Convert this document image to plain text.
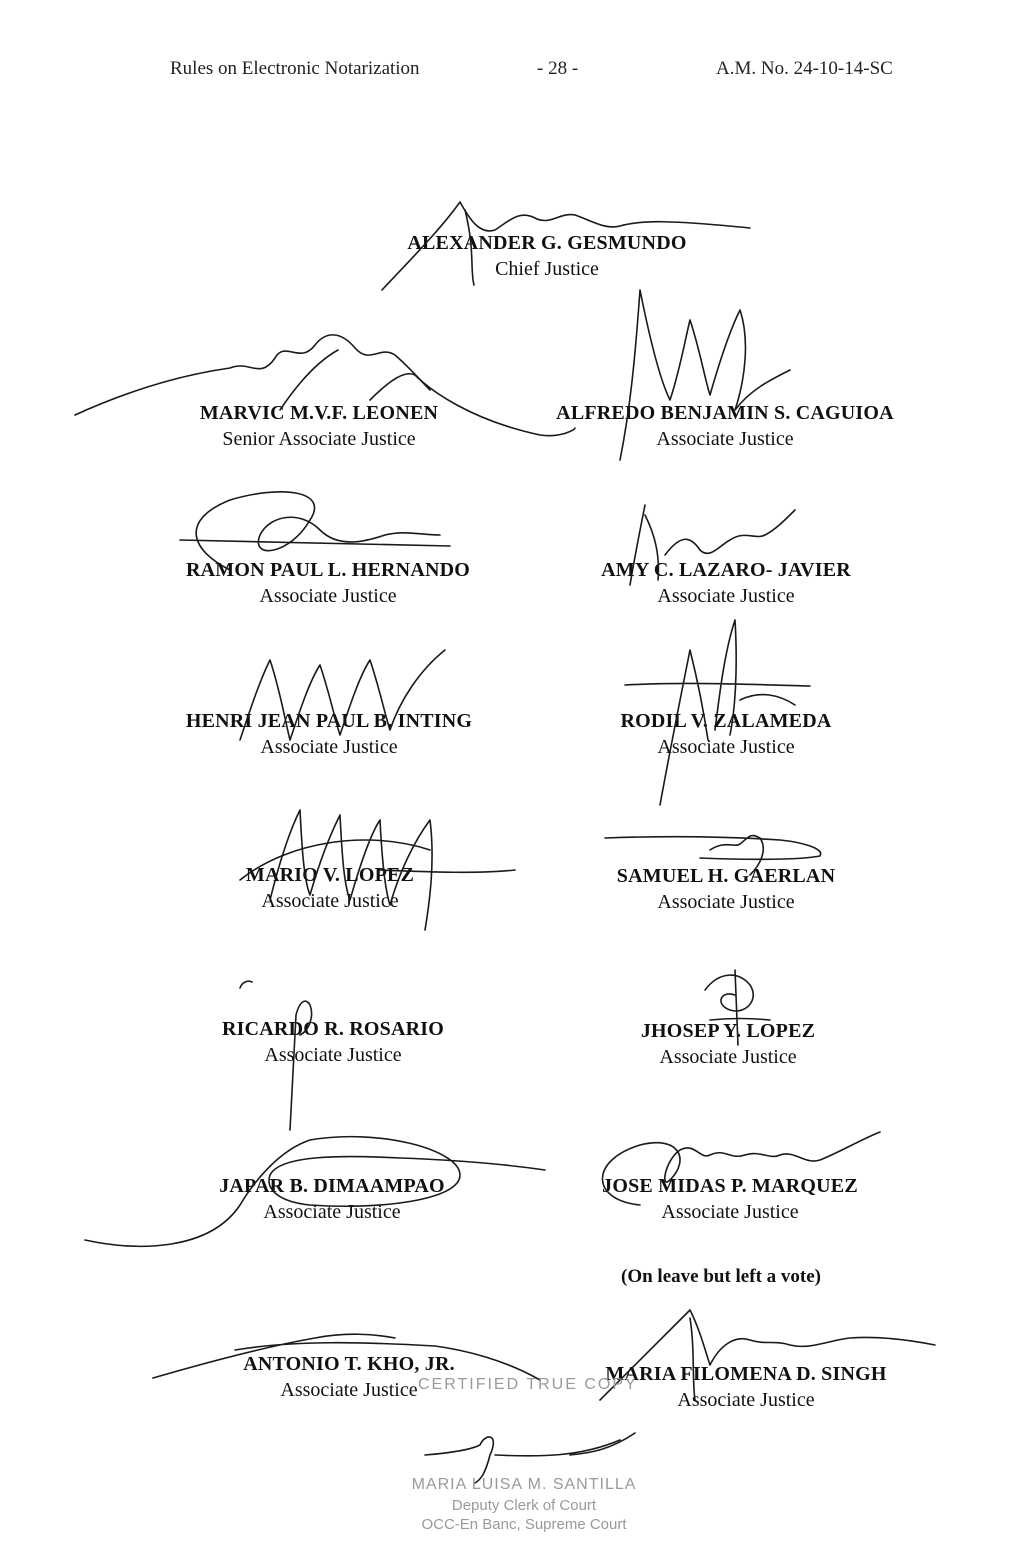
Rules on Electronic Notarization	- 28 -	A.M. No. 24-10-14-SC
ALEXANDER G. GESMUNDO
Chief Justice
MARVIC M.V.F. LEONEN
Senior Associate Justice
ALFREDO BENJAMIN S. CAGUIOA
Associate Justice
RAMON PAUL L. HERNANDO
Associate Justice
AMY C. LAZARO- JAVIER
Associate Justice
HENRI JEAN PAUL B. INTING
Associate Justice
RODIL V. ZALAMEDA
Associate Justice
MARIO V. LOPEZ
Associate Justice
SAMUEL H. GAERLAN
Associate Justice
RICARDO R. ROSARIO
Associate Justice
JHOSEP Y. LOPEZ
Associate Justice
JAPAR B. DIMAAMPAO
Associate Justice
JOSE MIDAS P. MARQUEZ
Associate Justice
(On leave but left a vote)
ANTONIO T. KHO, JR.
Associate Justice
MARIA FILOMENA D. SINGH
Associate Justice
CERTIFIED TRUE COPY
MARIA LUISA M. SANTILLA
Deputy Clerk of Court
OCC-En Banc, Supreme Court
